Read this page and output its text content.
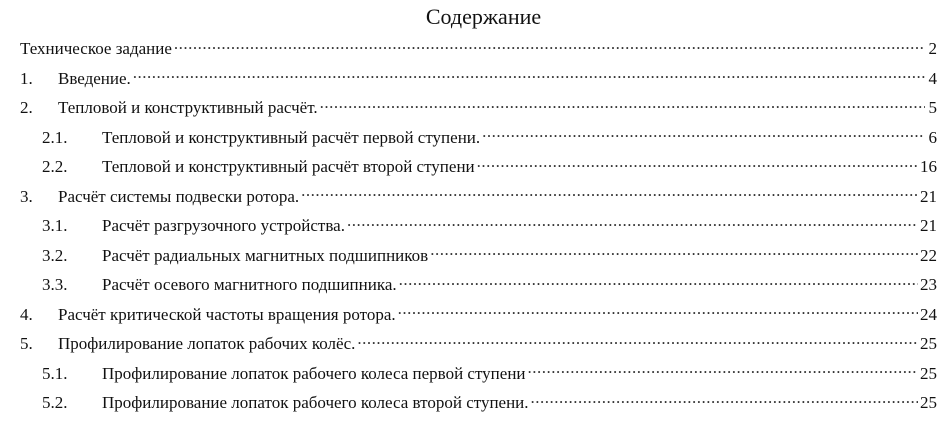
Содержание
Техническое задание .....	2
1.	Введение. .....	4
2.	Тепловой и конструктивный расчёт. .....	5
2.1.	Тепловой и конструктивный расчёт первой ступени. .....	6
2.2.	Тепловой и конструктивный расчёт второй ступени .....	16
3.	Расчёт системы подвески ротора. .....	21
3.1.	Расчёт разгрузочного устройства. .....	21
3.2.	Расчёт радиальных магнитных подшипников .....	22
3.3.	Расчёт осевого магнитного подшипника. .....	23
4.	Расчёт критической частоты вращения ротора. .....	24
5.	Профилирование лопаток рабочих колёс. .....	25
5.1.	Профилирование лопаток рабочего колеса первой ступени .....	25
5.2.	Профилирование лопаток рабочего колеса второй ступени. .....	25
